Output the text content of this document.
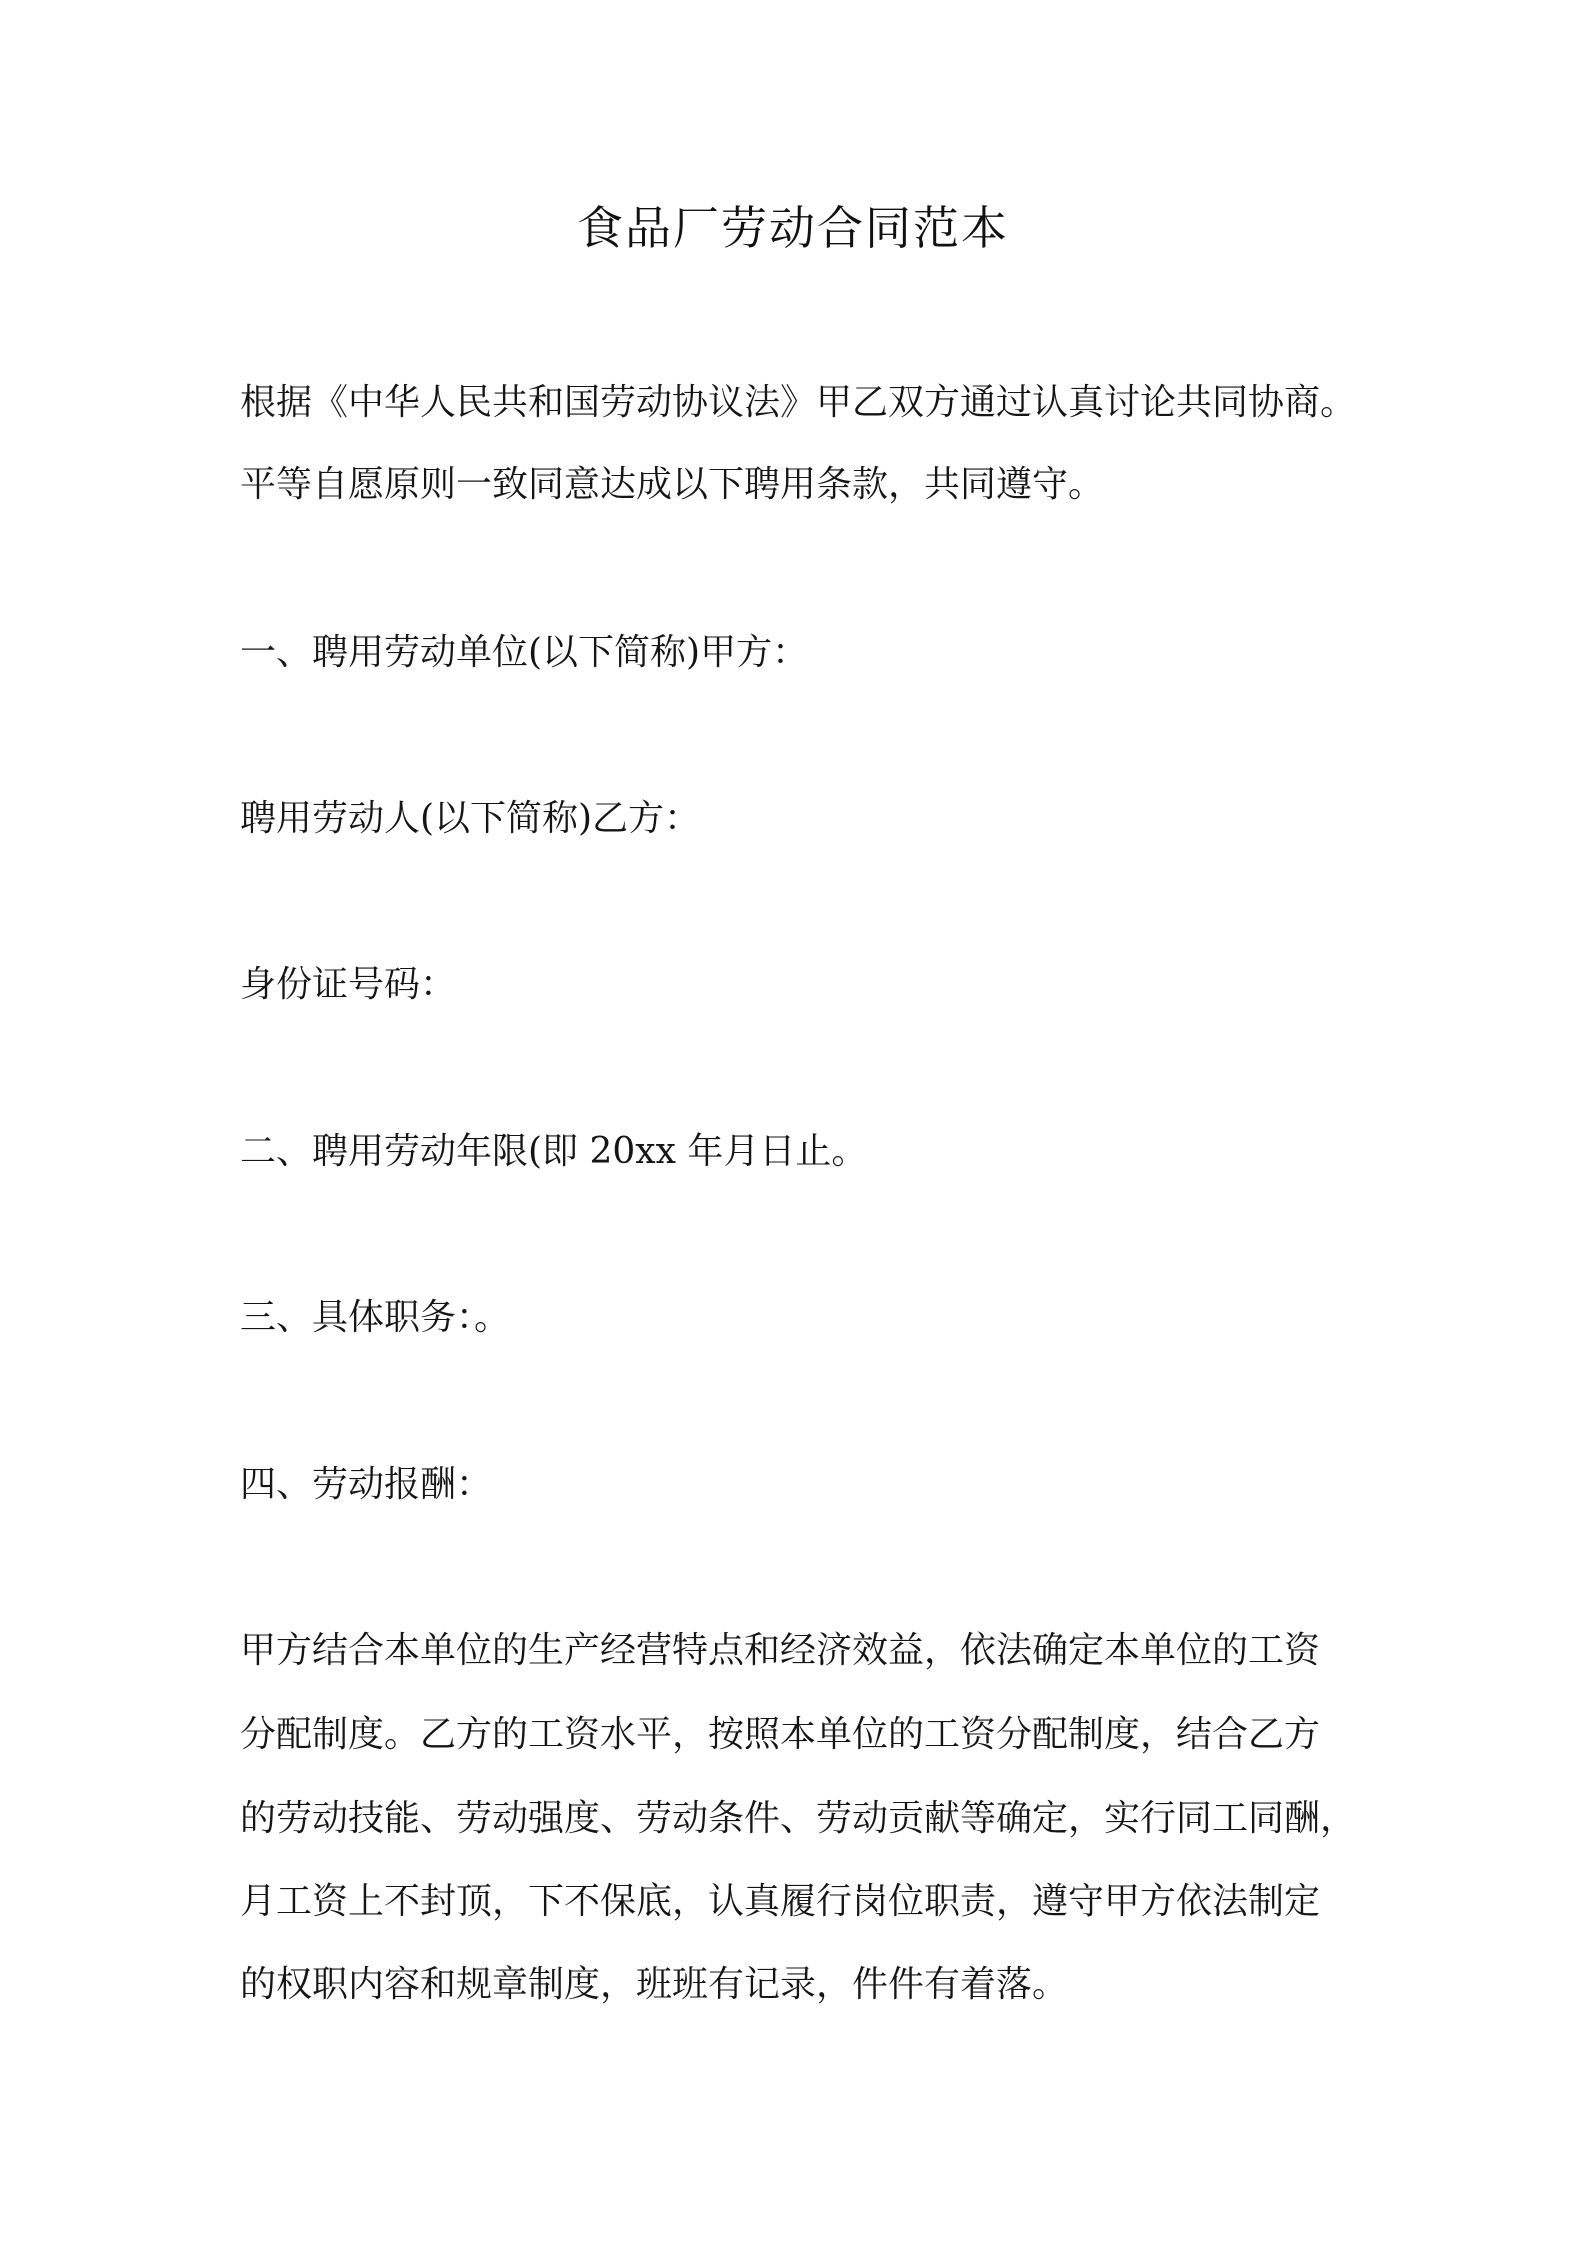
食品厂劳动合同范本
根据《中华人民共和国劳动协议法》甲乙双方通过认真讨论共同协商。
平等自愿原则一致同意达成以下聘用条款，共同遵守。
一、聘用劳动单位(以下简称)甲方：
聘用劳动人(以下简称)乙方：
身份证号码：
二、聘用劳动年限(即 20xx 年月日止。
三、具体职务：。
四、劳动报酬：
甲方结合本单位的生产经营特点和经济效益，依法确定本单位的工资
分配制度。乙方的工资水平，按照本单位的工资分配制度，结合乙方
的劳动技能、劳动强度、劳动条件、劳动贡献等确定，实行同工同酬，
月工资上不封顶，下不保底，认真履行岗位职责，遵守甲方依法制定
的权职内容和规章制度，班班有记录，件件有着落。
